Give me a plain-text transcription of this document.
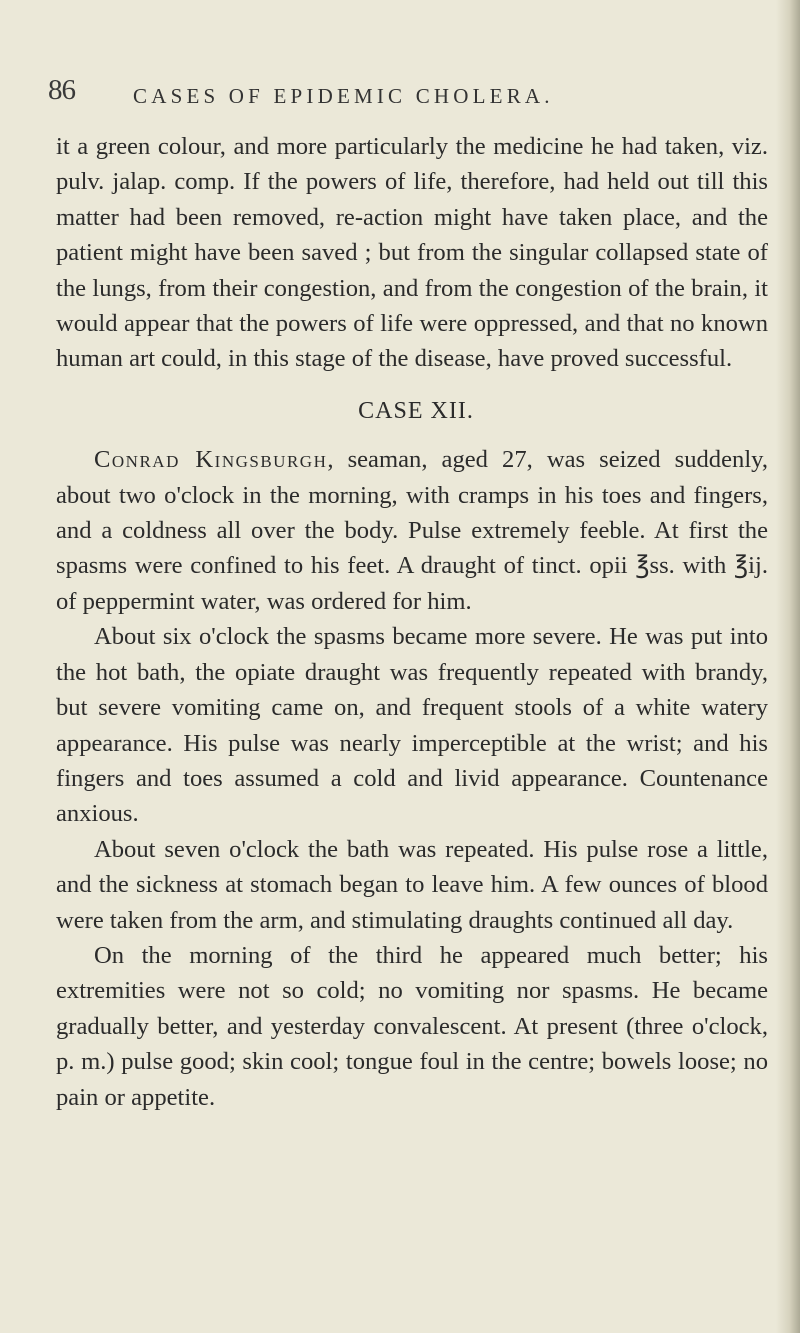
86	CASES OF EPIDEMIC CHOLERA.

it a green colour, and more particularly the medicine he had taken, viz. pulv. jalap. comp. If the powers of life, therefore, had held out till this matter had been removed, re-action might have taken place, and the patient might have been saved ; but from the singular collapsed state of the lungs, from their congestion, and from the congestion of the brain, it would appear that the powers of life were oppressed, and that no known human art could, in this stage of the disease, have proved successful.

CASE XII.

Conrad Kingsburgh, seaman, aged 27, was seized suddenly, about two o'clock in the morning, with cramps in his toes and fingers, and a coldness all over the body. Pulse extremely feeble. At first the spasms were confined to his feet. A draught of tinct. opii ℥ss. with ℥ij. of peppermint water, was ordered for him.

About six o'clock the spasms became more severe. He was put into the hot bath, the opiate draught was frequently repeated with brandy, but severe vomiting came on, and frequent stools of a white watery appearance. His pulse was nearly imperceptible at the wrist; and his fingers and toes assumed a cold and livid appearance. Countenance anxious.

About seven o'clock the bath was repeated. His pulse rose a little, and the sickness at stomach began to leave him. A few ounces of blood were taken from the arm, and stimulating draughts continued all day.

On the morning of the third he appeared much better; his extremities were not so cold; no vomiting nor spasms. He became gradually better, and yesterday convalescent. At present (three o'clock, p. m.) pulse good; skin cool; tongue foul in the centre; bowels loose; no pain or appetite.
